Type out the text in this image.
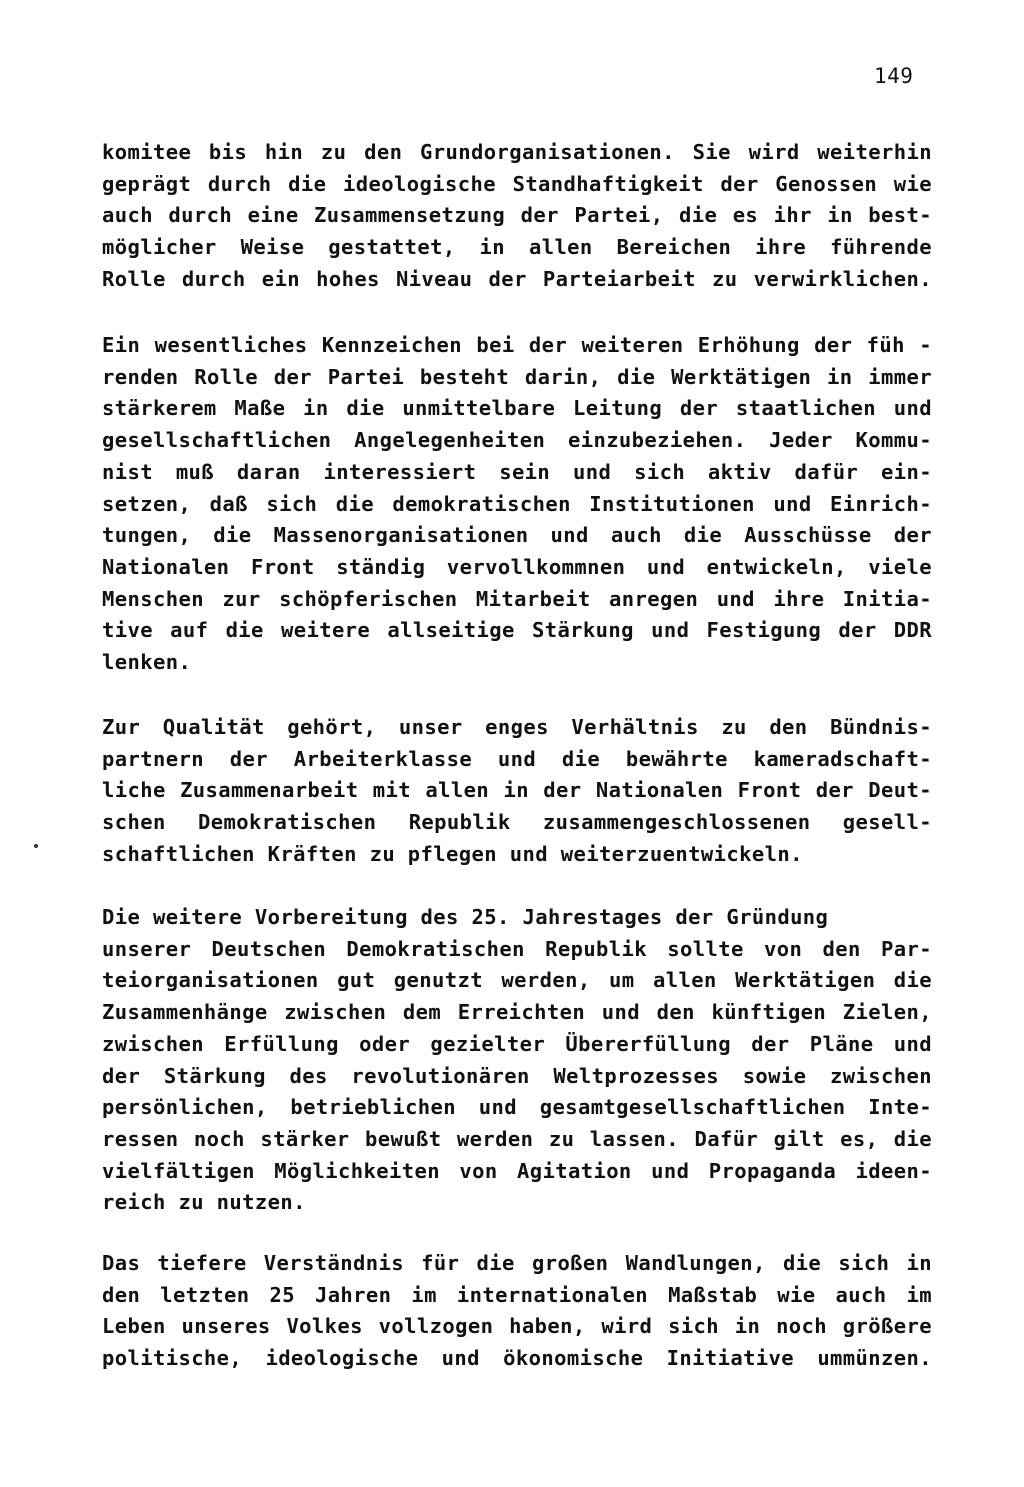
149
komitee bis hin zu den Grundorganisationen. Sie wird weiterhin
geprägt durch die ideologische Standhaftigkeit der Genossen wie
auch durch eine Zusammensetzung der Partei, die es ihr in best-
möglicher Weise gestattet, in allen Bereichen ihre führende
Rolle durch ein hohes Niveau der Parteiarbeit zu verwirklichen.
Ein wesentliches Kennzeichen bei der weiteren Erhöhung der füh -
renden Rolle der Partei besteht darin, die Werktätigen in immer
stärkerem Maße in die unmittelbare Leitung der staatlichen und
gesellschaftlichen Angelegenheiten einzubeziehen. Jeder Kommu-
nist muß daran interessiert sein und sich aktiv dafür ein-
setzen, daß sich die demokratischen Institutionen und Einrich-
tungen, die Massenorganisationen und auch die Ausschüsse der
Nationalen Front ständig vervollkommnen und entwickeln, viele
Menschen zur schöpferischen Mitarbeit anregen und ihre Initia-
tive auf die weitere allseitige Stärkung und Festigung der DDR
lenken.
Zur Qualität gehört, unser enges Verhältnis zu den Bündnis-
partnern der Arbeiterklasse und die bewährte kameradschaft-
liche Zusammenarbeit mit allen in der Nationalen Front der Deut-
schen Demokratischen Republik zusammengeschlossenen gesell-
schaftlichen Kräften zu pflegen und weiterzuentwickeln.
Die weitere Vorbereitung des 25. Jahrestages der Gründung
unserer Deutschen Demokratischen Republik sollte von den Par-
teiorganisationen gut genutzt werden, um allen Werktätigen die
Zusammenhänge zwischen dem Erreichten und den künftigen Zielen,
zwischen Erfüllung oder gezielter Übererfüllung der Pläne und
der Stärkung des revolutionären Weltprozesses sowie zwischen
persönlichen, betrieblichen und gesamtgesellschaftlichen Inte-
ressen noch stärker bewußt werden zu lassen. Dafür gilt es, die
vielfältigen Möglichkeiten von Agitation und Propaganda ideen-
reich zu nutzen.
Das tiefere Verständnis für die großen Wandlungen, die sich in
den letzten 25 Jahren im internationalen Maßstab wie auch im
Leben unseres Volkes vollzogen haben, wird sich in noch größere
politische, ideologische und ökonomische Initiative ummünzen.
